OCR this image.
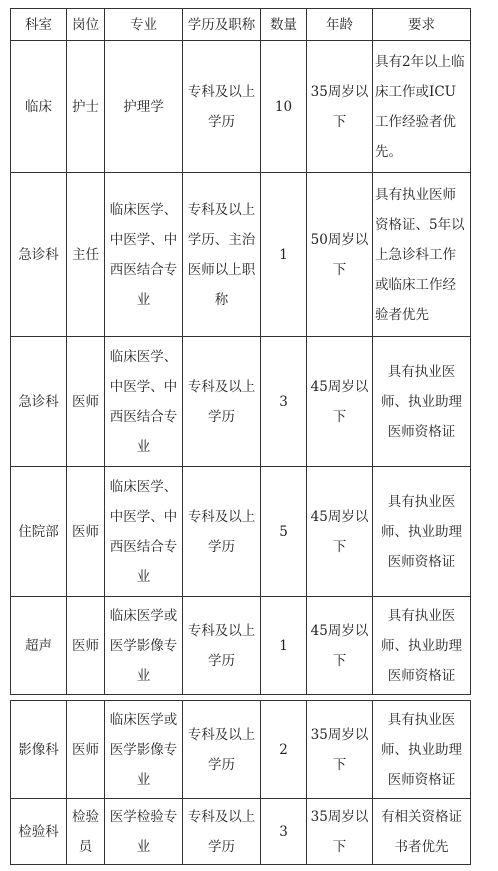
科室	岗位	专业	学历及职称	数量	年龄	要求
临床	护士	护理学	专科及以上学历	10	35周岁以下	具有2年以上临床工作或ICU工作经验者优先。
急诊科	主任	临床医学、中医学、中西医结合专业	专科及以上学历、主治医师以上职称	1	50周岁以下	具有执业医师资格证、5年以上急诊科工作或临床工作经验者优先
急诊科	医师	临床医学、中医学、中西医结合专业	专科及以上学历	3	45周岁以下	具有执业医师、执业助理医师资格证
住院部	医师	临床医学、中医学、中西医结合专业	专科及以上学历	5	45周岁以下	具有执业医师、执业助理医师资格证
超声	医师	临床医学或医学影像专业	专科及以上学历	1	45周岁以下	具有执业医师、执业助理医师资格证
影像科	医师	临床医学或医学影像专业	专科及以上学历	2	35周岁以下	具有执业医师、执业助理医师资格证
检验科	检验员	医学检验专业	专科及以上学历	3	35周岁以下	有相关资格证书者优先
